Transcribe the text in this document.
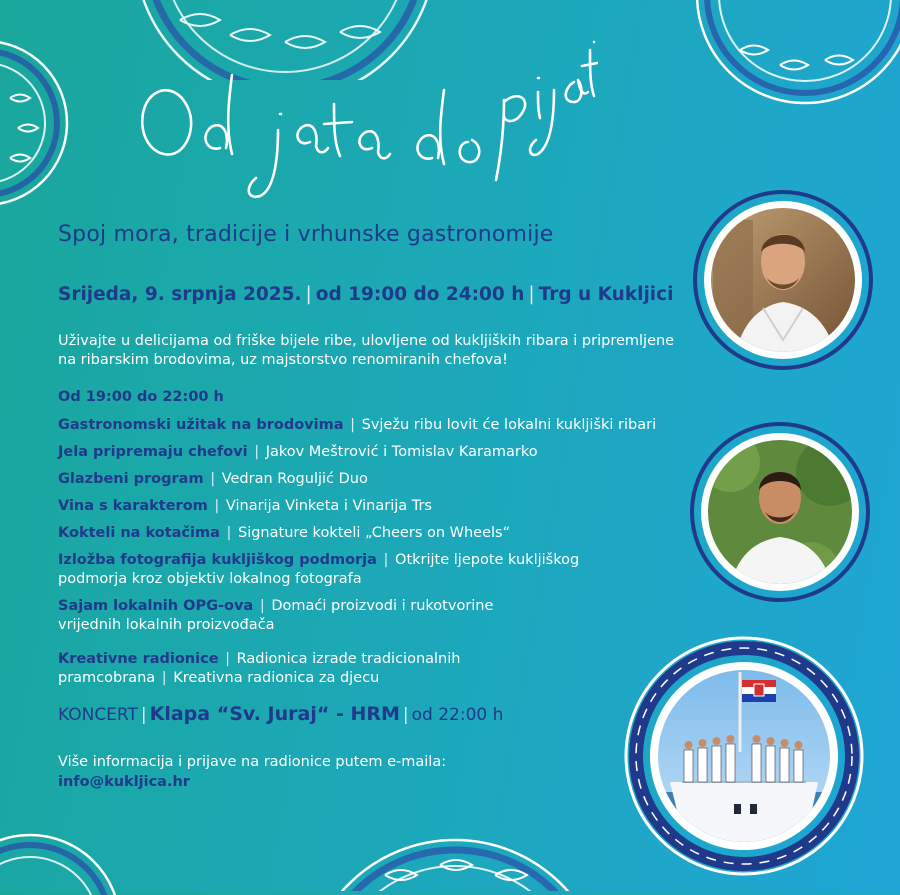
Spoj mora, tradicije i vrhunske gastronomije
Srijeda, 9. srpnja 2025. | od 19:00 do 24:00 h | Trg u Kukljici
Uživajte u delicijama od friške bijele ribe, ulovljene od kukljiških ribara i pripremljene na ribarskim brodovima, uz majstorstvo renomiranih chefova!
Od 19:00 do 22:00 h
Gastronomski užitak na brodovima | Svježu ribu lovit će lokalni kukljiški ribari
Jela pripremaju chefovi | Jakov Meštrović i Tomislav Karamarko
Glazbeni program | Vedran Roguljić Duo
Vina s karakterom | Vinarija Vinketa i Vinarija Trs
Kokteli na kotačima | Signature kokteli „Cheers on Wheels“
Izložba fotografija kukljiškog podmorja | Otkrijte ljepote kukljiškog
podmorja kroz objektiv lokalnog fotografa
Sajam lokalnih OPG-ova | Domaći proizvodi i rukotvorine
vrijednih lokalnih proizvođača
Kreativne radionice | Radionica izrade tradicionalnih
pramcobrana | Kreativna radionica za djecu
KONCERT | Klapa “Sv. Juraj“ - HRM | od 22:00 h
Više informacija i prijave na radionice putem e-maila:
info@kukljica.hr
